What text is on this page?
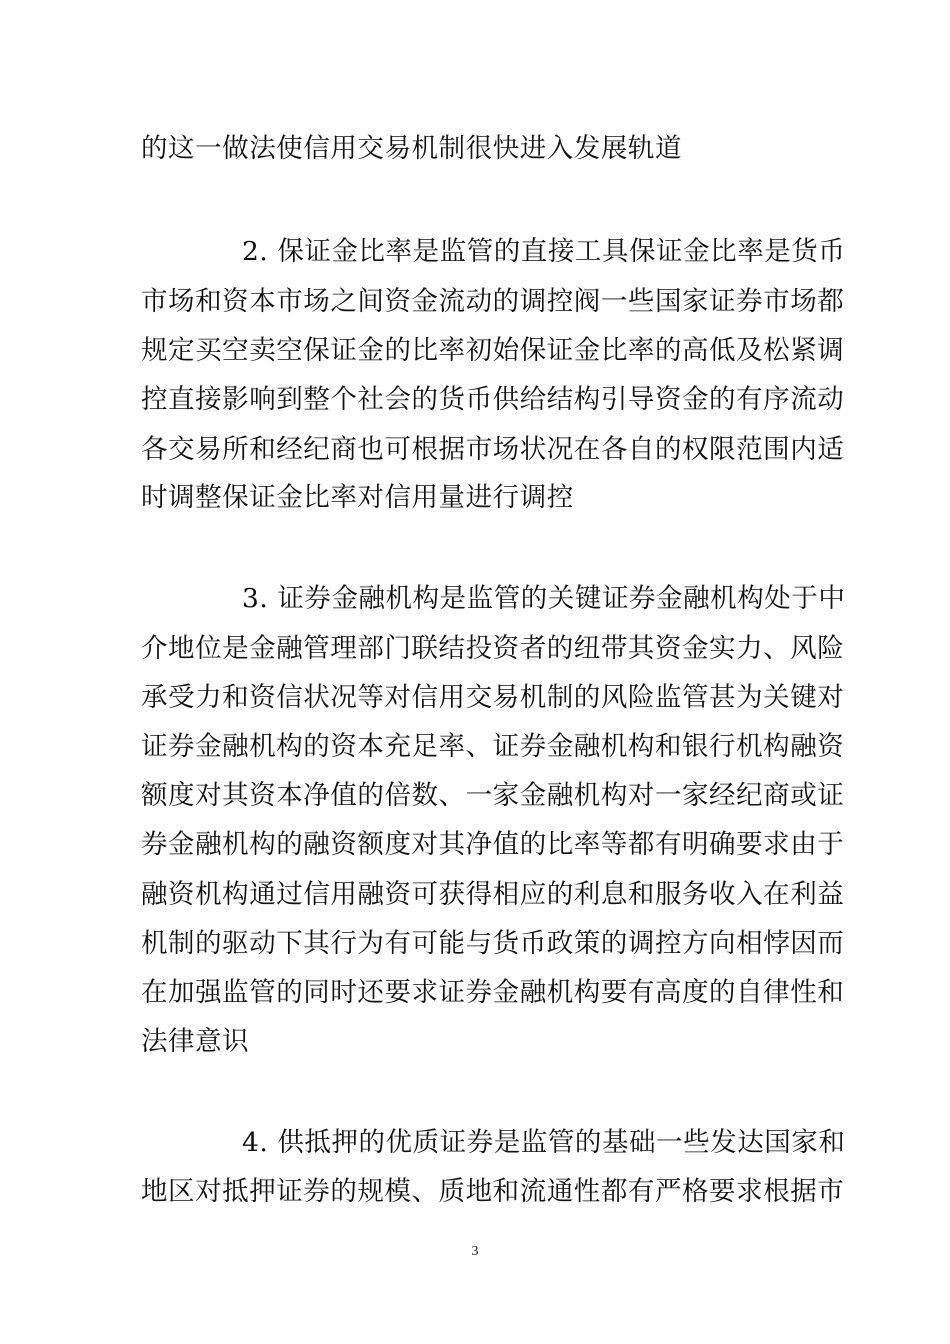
的这一做法使信用交易机制很快进入发展轨道

2. 保证金比率是监管的直接工具保证金比率是货币

市场和资本市场之间资金流动的调控阀一些国家证券市场都

规定买空卖空保证金的比率初始保证金比率的高低及松紧调

控直接影响到整个社会的货币供给结构引导资金的有序流动

各交易所和经纪商也可根据市场状况在各自的权限范围内适

时调整保证金比率对信用量进行调控

3. 证券金融机构是监管的关键证券金融机构处于中

介地位是金融管理部门联结投资者的纽带其资金实力、风险

承受力和资信状况等对信用交易机制的风险监管甚为关键对

证券金融机构的资本充足率、证券金融机构和银行机构融资

额度对其资本净值的倍数、一家金融机构对一家经纪商或证

券金融机构的融资额度对其净值的比率等都有明确要求由于

融资机构通过信用融资可获得相应的利息和服务收入在利益

机制的驱动下其行为有可能与货币政策的调控方向相悖因而

在加强监管的同时还要求证券金融机构要有高度的自律性和

法律意识

4. 供抵押的优质证券是监管的基础一些发达国家和

地区对抵押证券的规模、质地和流通性都有严格要求根据市

3
